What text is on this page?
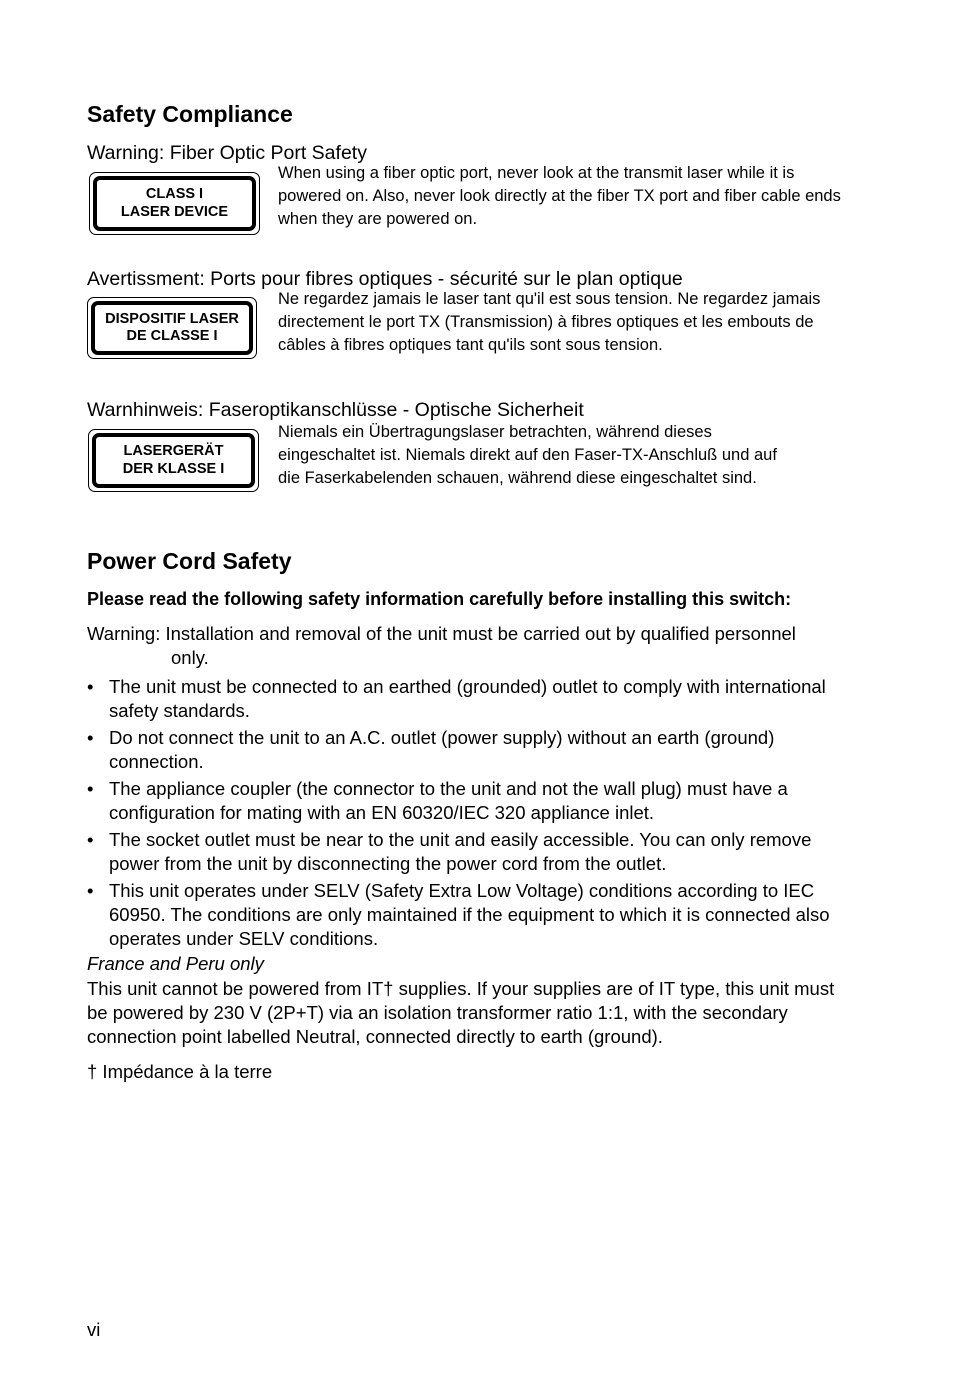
Safety Compliance
Warning: Fiber Optic Port Safety
CLASS I
LASER DEVICE
When using a fiber optic port, never look at the transmit laser while it is powered on. Also, never look directly at the fiber TX port and fiber cable ends when they are powered on.
Avertissment: Ports pour fibres optiques - sécurité sur le plan optique
DISPOSITIF LASER
DE CLASSE I
Ne regardez jamais le laser tant qu'il est sous tension. Ne regardez jamais directement le port TX (Transmission) à fibres optiques et les embouts de câbles à fibres optiques tant qu'ils sont sous tension.
Warnhinweis: Faseroptikanschlüsse - Optische Sicherheit
LASERGERÄT
DER KLASSE I
Niemals ein Übertragungslaser betrachten, während dieses eingeschaltet ist. Niemals direkt auf den Faser-TX-Anschluß und auf die Faserkabelenden schauen, während diese eingeschaltet sind.
Power Cord Safety
Please read the following safety information carefully before installing this switch:
Warning: Installation and removal of the unit must be carried out by qualified personnel
only.
• The unit must be connected to an earthed (grounded) outlet to comply with international safety standards.
• Do not connect the unit to an A.C. outlet (power supply) without an earth (ground) connection.
• The appliance coupler (the connector to the unit and not the wall plug) must have a configuration for mating with an EN 60320/IEC 320 appliance inlet.
• The socket outlet must be near to the unit and easily accessible. You can only remove power from the unit by disconnecting the power cord from the outlet.
• This unit operates under SELV (Safety Extra Low Voltage) conditions according to IEC 60950. The conditions are only maintained if the equipment to which it is connected also operates under SELV conditions.
France and Peru only
This unit cannot be powered from IT† supplies. If your supplies are of IT type, this unit must be powered by 230 V (2P+T) via an isolation transformer ratio 1:1, with the secondary connection point labelled Neutral, connected directly to earth (ground).
† Impédance à la terre
vi
